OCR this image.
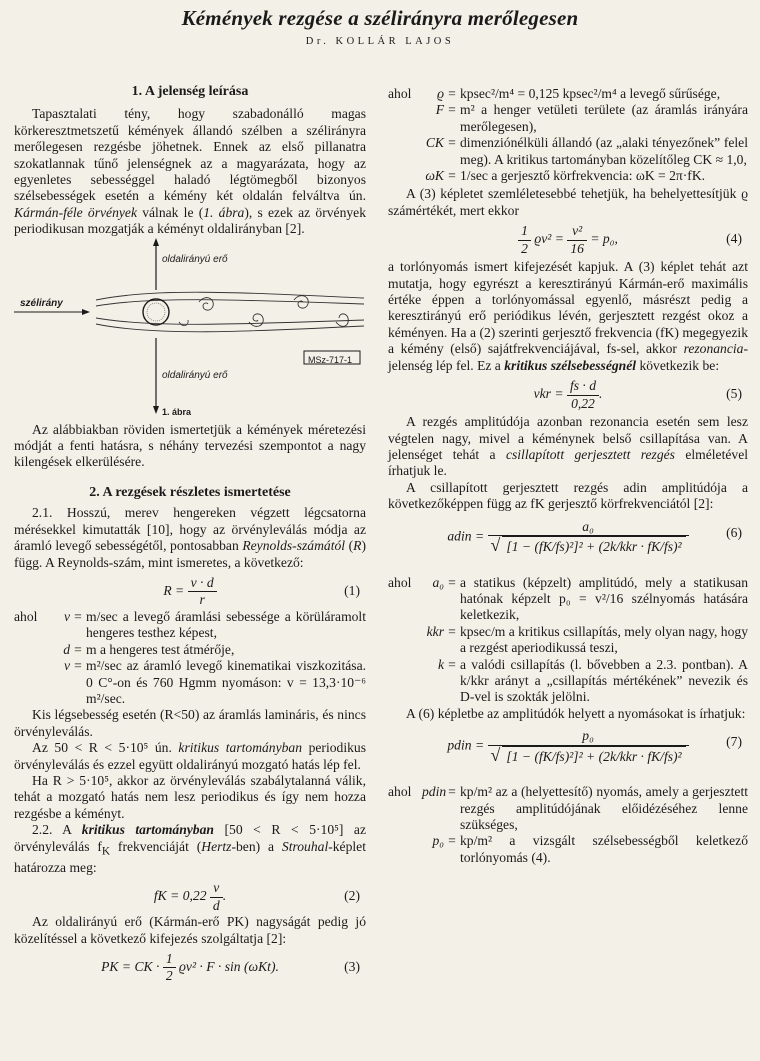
Kémények rezgése a szélirányra merőlegesen
Dr. KOLLÁR LAJOS
1. A jelenség leírása

Tapasztalati tény, hogy szabadonálló magas körkeresztmetszetű kémények állandó szélben a szélirányra merőlegesen rezgésbe jöhetnek. Ennek az első pillanatra szokatlannak tűnő jelenségnek az a magyarázata, hogy az egyenletes sebességgel haladó légtömegből bizonyos szélsebességek esetén a kémény két oldalán felváltva ún. Kármán-féle örvények válnak le (1. ábra), s ezek az örvények periodikusan mozgatják a kéményt oldalirányban [2].

oldalirányú erő
oldalirányú erő
szélirány
MSz-717-1
1. ábra

Az alábbiakban röviden ismertetjük a kémények méretezési módját a fenti hatásra, s néhány tervezési szempontot a nagy kilengések elkerülésére.

2. A rezgések részletes ismertetése

2.1. Hosszú, merev hengereken végzett légcsatorna mérésekkel kimutatták [10], hogy az örvényleválás módja az áramló levegő sebességétől, pontosabban Reynolds-számától (R) függ. A Reynolds-szám, mint ismeretes, a következő:

$R = \frac{v \cdot d}{r}$	(1)
ahol	v = m/sec a levegő áramlási sebessége a körüláramolt hengeres testhez képest,
d = m a hengeres test átmérője,
v = m²/sec az áramló levegő kinematikai viszkozitása. 0 C°-on és 760 Hgmm nyomáson: v = 13,3·10⁻⁶ m²/sec.

Kis légsebesség esetén (R<50) az áramlás lamináris, és nincs örvényleválás.

Az 50 < R < 5·10⁵ ún. kritikus tartományban periodikus örvényleválás és ezzel együtt oldalirányú mozgató hatás lép fel.

Ha R > 5·10⁵, akkor az örvényleválás szabálytalanná válik, tehát a mozgató hatás nem lesz periodikus és így nem hozza rezgésbe a kéményt.

2.2. A kritikus tartományban [50 < R < 5·10⁵] az örvényleválás $f_K$ frekvenciáját (Hertz-ben) a Strouhal-képlet határozza meg:

fK = $0,22 \frac{v}{d}$ .	(2)

Az oldalirányú erő (Kármán-erő PK) nagyságát pedig jó közelítéssel a következő kifejezés szolgáltatja [2]:

PK = CK · $\frac{1}{2} ϱv^2 \cdot F \cdot \sin (\omega Kt)$.	(3)
ahol	ϱ = kpsec²/m⁴ = 0,125 kpsec²/m⁴ a levegő sűrűsége,
F = m² a henger vetületi területe (az áramlás irányára merőlegesen),
CK = dimenziónélküli állandó (az „alaki tényezőnek” felel meg). A kritikus tartományban közelítőleg CK ≈ 1,0,
ωK = 1/sec a gerjesztő körfrekvencia: ωK = 2π·fK.

A (3) képletet szemléletesebbé tehetjük, ha behelyettesítjük ϱ számértékét, mert ekkor

$\frac{1}{2} ϱv^2 = \frac{\text{v²}}{16} = p_0$,	(4)

a torlónyomás ismert kifejezését kapjuk. A (3) képlet tehát azt mutatja, hogy egyrészt a keresztirányú Kármán-erő maximális értéke éppen a torlónyomással egyenlő, másrészt pedig a keresztirányú erő periódikus lévén, gerjesztett rezgést okoz a kéményen. Ha a (2) szerinti gerjesztő frekvencia (fK) megegyezik a kémény (első) sajátfrekvenciájával, fs-sel, akkor rezonancia-jelenség lép fel. Ez a kritikus szélsebességnél következik be:

vkr = $\frac{fs \cdot d}{0,22}$ .	(5)

A rezgés amplitúdója azonban rezonancia esetén sem lesz végtelen nagy, mivel a kéménynek belső csillapítása van. A jelenséget tehát a csillapított gerjesztett rezgés elméletével írhatjuk le.

A csillapított gerjesztett rezgés adin amplitúdója a következőképpen függ az fK gerjesztő körfrekvenciától [2]:

adin = $\frac{\text{a₀}}{\text{√ [1 − (fK/fs)²]² + (2k/kkr · fK/fs)²}}$	(6)
ahol	a₀ = a statikus (képzelt) amplitúdó, mely a statikusan hatónak képzelt p₀ = v²/16 szélnyomás hatására keletkezik,
kkr = kpsec/m a kritikus csillapítás, mely olyan nagy, hogy a rezgést aperiodikussá teszi,
k = a valódi csillapítás (l. bővebben a 2.3. pontban). A k/kkr arányt a „csillapítás mértékének” nevezik és D-vel is szokták jelölni.

A (6) képletbe az amplitúdók helyett a nyomásokat is írhatjuk:

pdin = $\frac{\text{p₀}}{\text{√ [1 − (fK/fs)²]² + (2k/kkr · fK/fs)²}}$	(7)
ahol pdin = kp/m² az a (helyettesítő) nyomás, amely a gerjesztett rezgés amplitúdójának előidézéséhez lenne szükséges,
p₀ = kp/m² a vizsgált szélsebességből keletkező torlónyomás (4).
